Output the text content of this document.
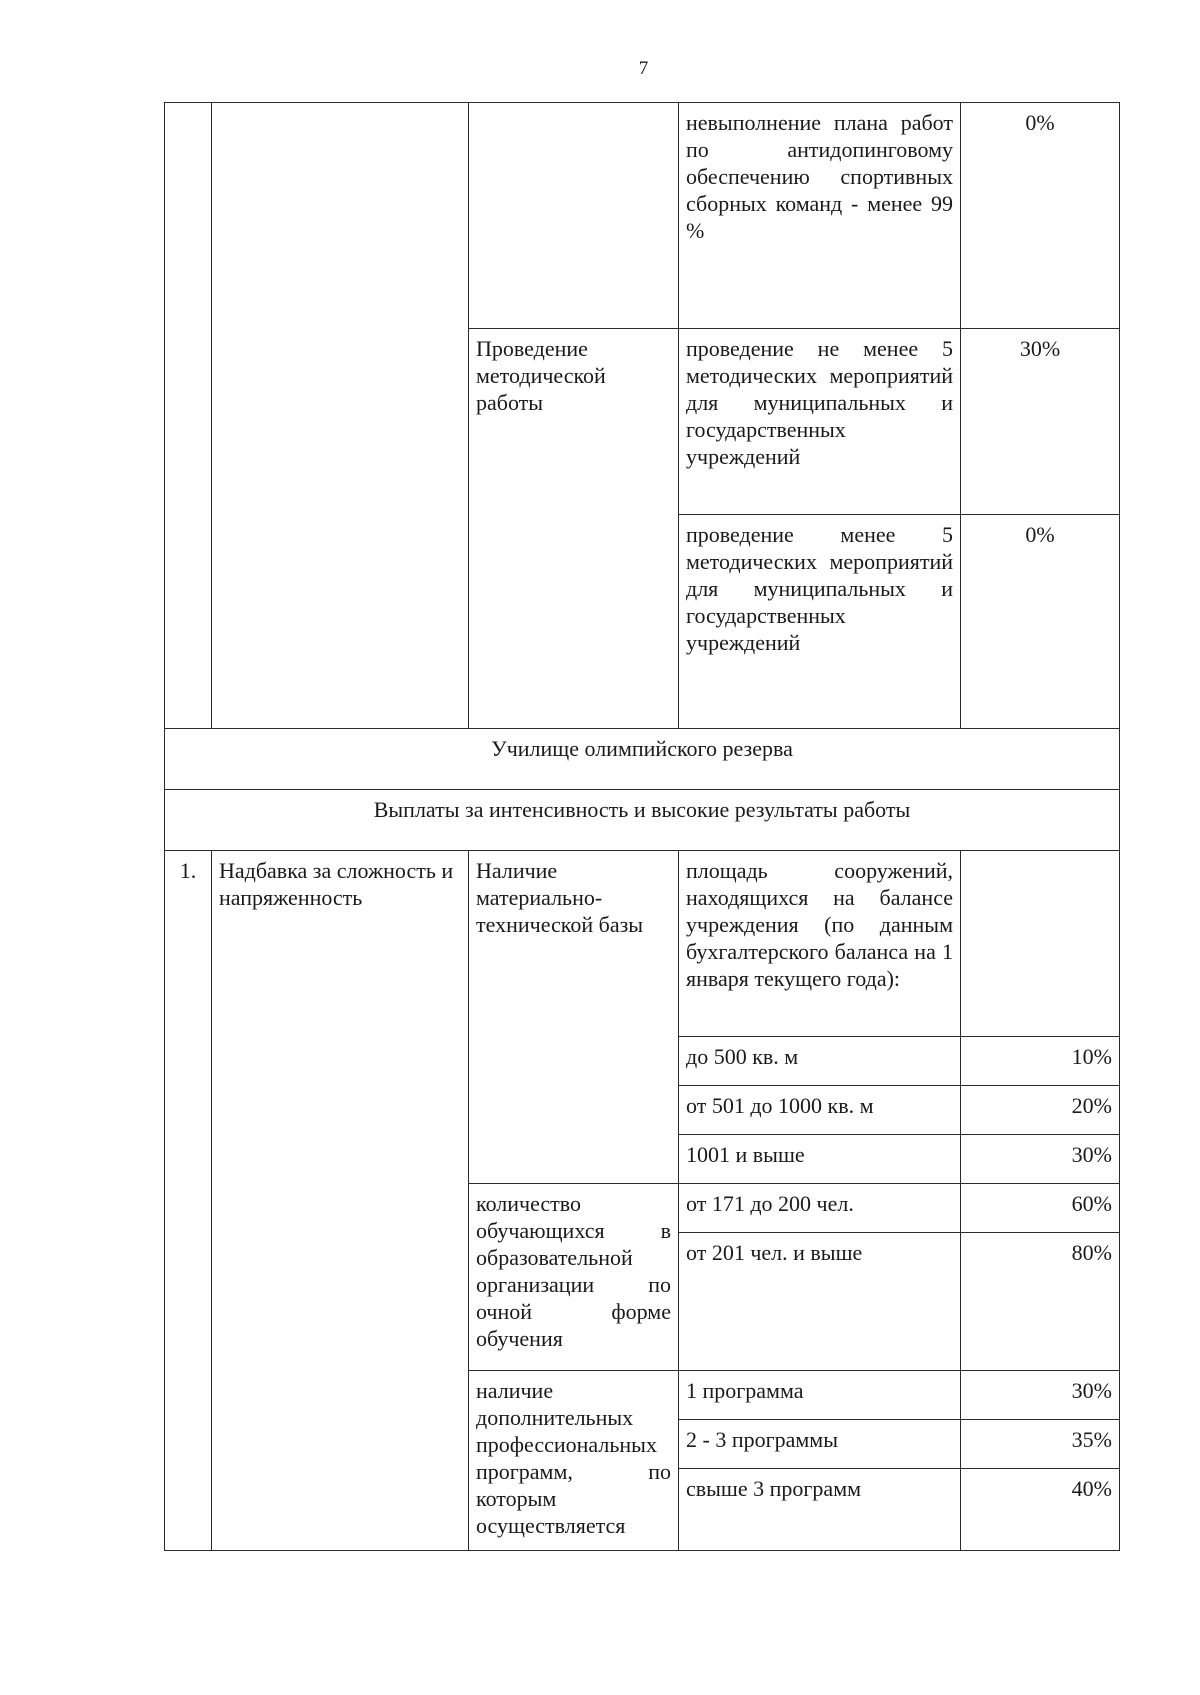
7
			невыполнение плана работ по антидопинговому обеспечению спортивных сборных команд - менее 99 %	0%
		Проведение методической работы	проведение не менее 5 методических мероприятий для муниципальных и государственных учреждений	30%
			проведение менее 5 методических мероприятий для муниципальных и государственных учреждений	0%
Училище олимпийского резерва				
Выплаты за интенсивность и высокие результаты работы				
1.	Надбавка за сложность и напряженность	Наличие материально-технической базы	площадь сооружений, находящихся на балансе учреждения (по данным бухгалтерского баланса на 1 января текущего года):	
			до 500 кв. м	10%
			от 501 до 1000 кв. м	20%
			1001 и выше	30%
		количество обучающихся в образовательной организации по очной форме обучения	от 171 до 200 чел.	60%
			от 201 чел. и выше	80%
		наличие дополнительных профессиональных программ, по которым осуществляется	1 программа	30%
			2 - 3 программы	35%
			свыше 3 программ	40%
